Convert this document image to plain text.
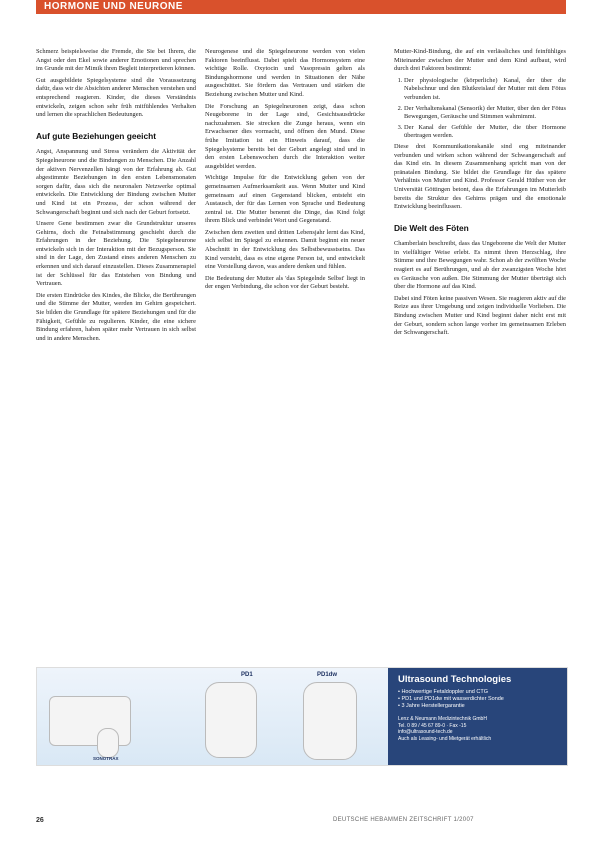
HORMONE UND NEURONE

Schmerz beispielsweise die Fremde, die Sie bei Ihrem, die Angst oder den Ekel sowie anderer Emotionen und sprechen im Grunde mit der Mimik ihren Begleit interpretieren können.

Gut ausgebildete Spiegelsysteme sind die Voraussetzung dafür, dass wir die Absichten anderer Menschen verstehen und entsprechend reagieren. Kinder, die dieses Verständnis entwickeln, zeigen schon sehr früh mitfühlendes Verhalten und lernen die sprachlichen Bedeutungen.

Auf gute Beziehungen geeicht

Angst, Anspannung und Stress verändern die Aktivität der Spiegelneurone und die Bindungen zu Menschen. Die Anzahl der aktiven Nervenzellen hängt von der Erfahrung ab. Gut abgestimmte Beziehungen in den ersten Lebensmonaten sorgen dafür, dass sich die neuronalen Netzwerke optimal entwickeln. Die Entwicklung der Bindung zwischen Mutter und Kind ist ein Prozess, der schon während der Schwangerschaft beginnt und sich nach der Geburt fortsetzt.

Unsere Gene bestimmen zwar die Grundstruktur unseres Gehirns, doch die Feinabstimmung geschieht durch die Erfahrungen in der Beziehung. Die Spiegelneurone entwickeln sich in der Interaktion mit der Bezugsperson. Sie sind in der Lage, den Zustand eines anderen Menschen zu erkennen und sich darauf einzustellen. Dieses Zusammenspiel ist der Schlüssel für das Entstehen von Bindung und Vertrauen.

Die ersten Eindrücke des Kindes, die Blicke, die Berührungen und die Stimme der Mutter, werden im Gehirn gespeichert. Sie bilden die Grundlage für spätere Beziehungen und für die Fähigkeit, Gefühle zu regulieren. Kinder, die eine sichere Bindung erfahren, haben später mehr Vertrauen in sich selbst und in andere Menschen.

Neurogenese und die Spiegelneurone werden von vielen Faktoren beeinflusst. Dabei spielt das Hormonsystem eine wichtige Rolle. Oxytocin und Vasopressin gelten als Bindungshormone und werden in Situationen der Nähe ausgeschüttet. Sie fördern das Vertrauen und stärken die Beziehung zwischen Mutter und Kind.

Die Forschung an Spiegelneuronen zeigt, dass schon Neugeborene in der Lage sind, Gesichtsausdrücke nachzuahmen. Sie strecken die Zunge heraus, wenn ein Erwachsener dies vormacht, und öffnen den Mund. Diese frühe Imitation ist ein Hinweis darauf, dass die Spiegelsysteme bereits bei der Geburt angelegt sind und in den ersten Lebenswochen durch die Interaktion weiter ausgebildet werden.

Wichtige Impulse für die Entwicklung gehen von der gemeinsamen Aufmerksamkeit aus. Wenn Mutter und Kind gemeinsam auf einen Gegenstand blicken, entsteht ein Austausch, der für das Lernen von Sprache und Bedeutung zentral ist. Die Mutter benennt die Dinge, das Kind folgt ihrem Blick und verbindet Wort und Gegenstand.

Zwischen dem zweiten und dritten Lebensjahr lernt das Kind, sich selbst im Spiegel zu erkennen. Damit beginnt ein neuer Abschnitt in der Entwicklung des Selbstbewusstseins. Das Kind versteht, dass es eine eigene Person ist, und entwickelt eine Vorstellung davon, was andere denken und fühlen.

Die Bedeutung der Mutter als 'das Spiegelnde Selbst' liegt in der engen Verbindung, die schon vor der Geburt besteht.

Mutter-Kind-Bindung, die auf ein verlässliches und feinfühliges Miteinander zwischen der Mutter und dem Kind aufbaut, wird durch drei Faktoren bestimmt:

1. Der physiologische (körperliche) Kanal, der über die Nabelschnur und den Blutkreislauf der Mutter mit dem Fötus verbunden ist.
2. Der Verhaltenskanal (Sensorik) der Mutter, über den der Fötus Bewegungen, Geräusche und Stimmen wahrnimmt.
3. Der Kanal der Gefühle der Mutter, die über Hormone übertragen werden.

Diese drei Kommunikationskanäle sind eng miteinander verbunden und wirken schon während der Schwangerschaft auf das Kind ein. In diesem Zusammenhang spricht man von der pränatalen Bindung. Sie bildet die Grundlage für das spätere Verhältnis von Mutter und Kind. Professor Gerald Hüther von der Universität Göttingen betont, dass die Erfahrungen im Mutterleib bereits die Struktur des Gehirns prägen und die emotionale Entwicklung beeinflussen.

Die Welt des Föten

Chamberlain beschreibt, dass das Ungeborene die Welt der Mutter in vielfältiger Weise erlebt. Es nimmt ihren Herzschlag, ihre Stimme und ihre Bewegungen wahr. Schon ab der zwölften Woche reagiert es auf Berührungen, und ab der zwanzigsten Woche hört es Geräusche von außen. Die Stimmung der Mutter überträgt sich über die Hormone auf das Kind.

Dabei sind Föten keine passiven Wesen. Sie reagieren aktiv auf die Reize aus ihrer Umgebung und zeigen individuelle Vorlieben. Die Bindung zwischen Mutter und Kind beginnt daher nicht erst mit der Geburt, sondern schon lange vorher im gemeinsamen Erleben der Schwangerschaft.

PD1	PD1dw
SONOTRAX
Ultrasound Technologies
• Hochwertige Fetaldoppler und CTG
• PD1 und PD1dw mit wasserdichter Sonde
• 3 Jahre Herstellergarantie
Lenz & Neumann Medizintechnik GmbH
Tel. 0 89 / 45 67 89-0 · Fax -15
info@ultrasound-tech.de
Auch als Leasing- und Mietgerät erhältlich
26	DEUTSCHE HEBAMMEN ZEITSCHRIFT 1/2007
